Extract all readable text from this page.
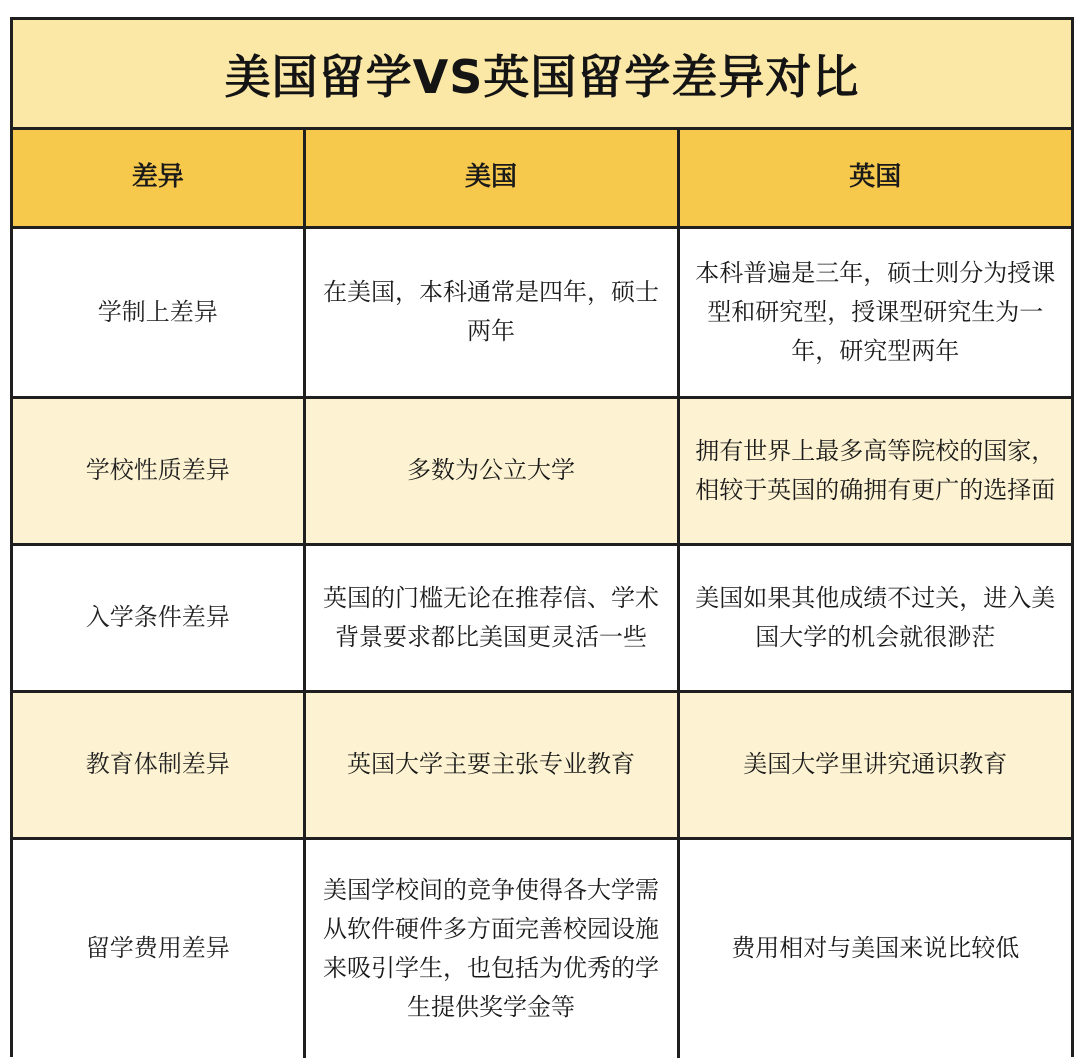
美国留学VS英国留学差异对比
差异	美国	英国
学制上差异	在美国，本科通常是四年，硕士两年	本科普遍是三年，硕士则分为授课型和研究型，授课型研究生为一年，研究型两年
学校性质差异	多数为公立大学	拥有世界上最多高等院校的国家，相较于英国的确拥有更广的选择面
入学条件差异	英国的门槛无论在推荐信、学术背景要求都比美国更灵活一些	美国如果其他成绩不过关，进入美国大学的机会就很渺茫
教育体制差异	英国大学主要主张专业教育	美国大学里讲究通识教育
留学费用差异	美国学校间的竞争使得各大学需从软件硬件多方面完善校园设施来吸引学生，也包括为优秀的学生提供奖学金等	费用相对与美国来说比较低
